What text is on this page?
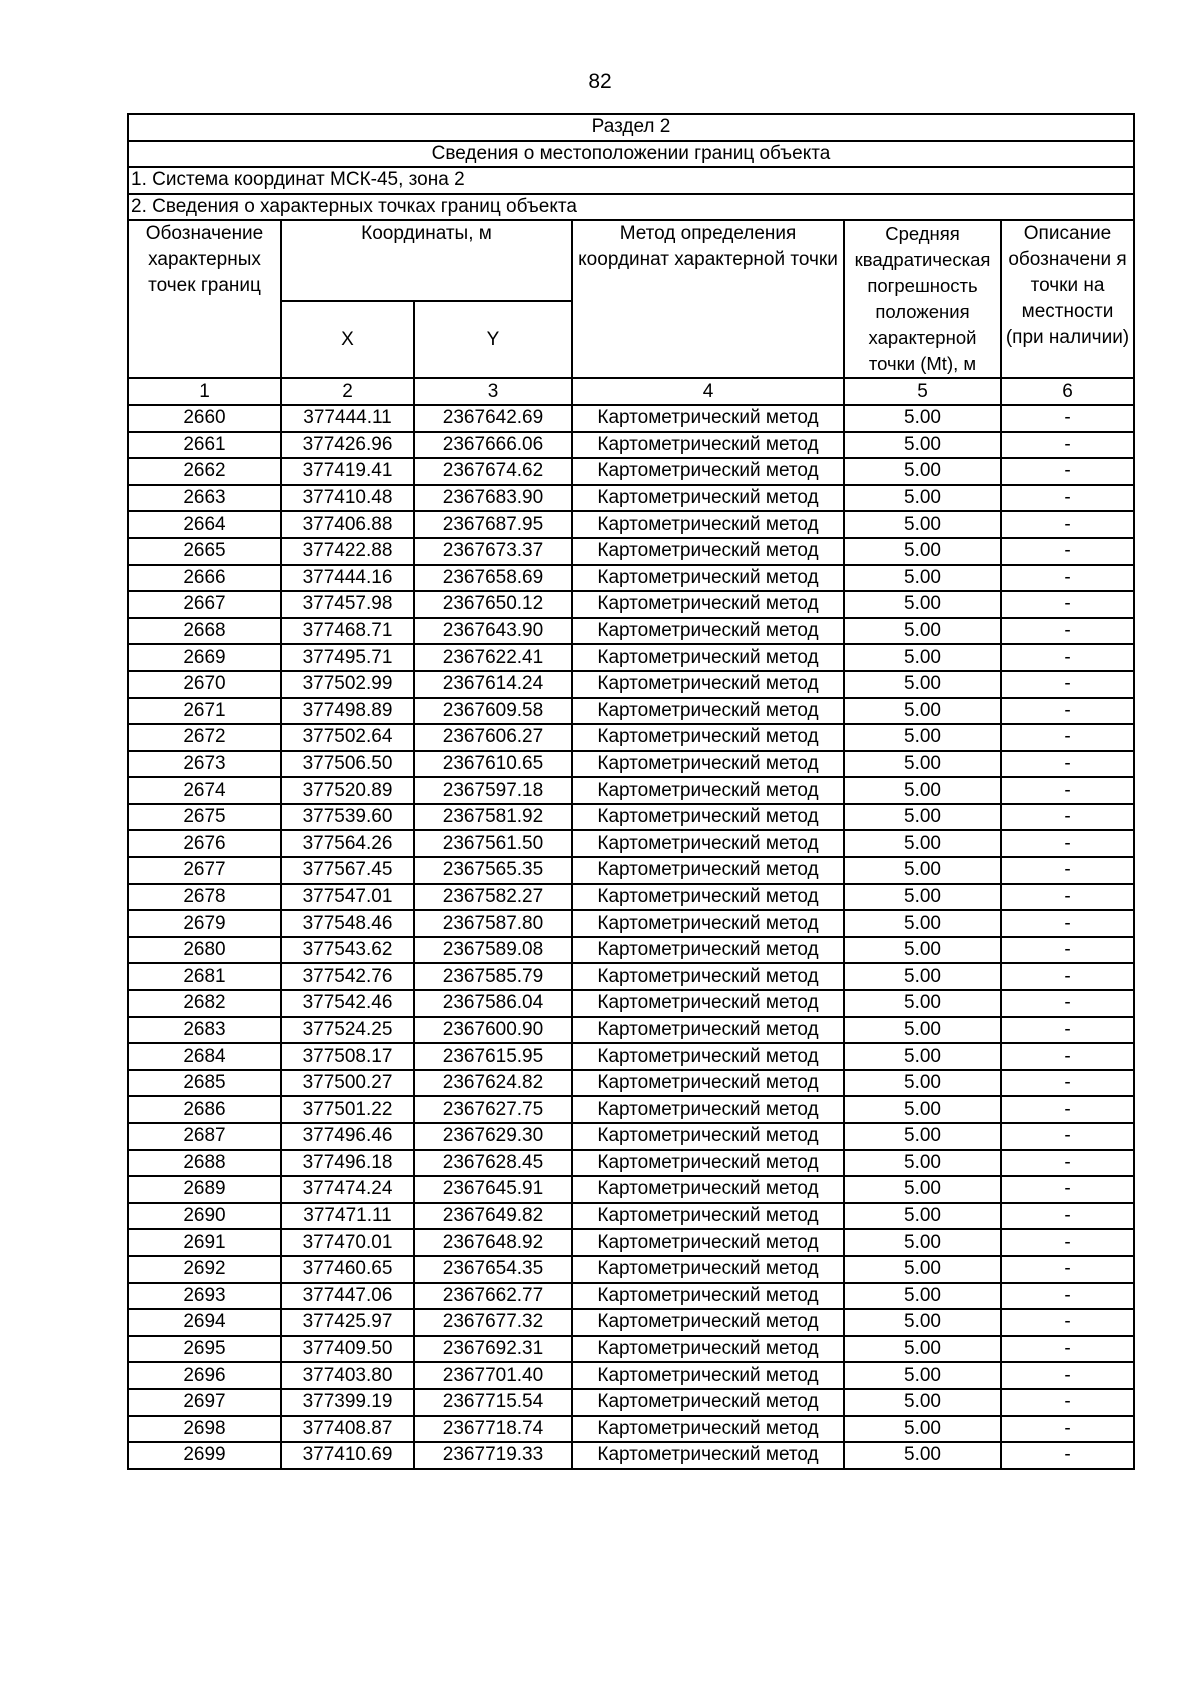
82
Раздел 2					
Сведения о местоположении границ объекта					
1. Система координат МСК-45, зона 2					
2. Сведения о характерных точках границ объекта					
Обозначение характерных точек границ	Координаты, м		Метод определения координат характерной точки	Средняя квадратическая погрешность положения характерной точки (Mt), м	Описание обозначени я точки на местности (при наличии)
	X	Y			
1	2	3	4	5	6
2660	377444.11	2367642.69	Картометрический метод	5.00	-
2661	377426.96	2367666.06	Картометрический метод	5.00	-
2662	377419.41	2367674.62	Картометрический метод	5.00	-
2663	377410.48	2367683.90	Картометрический метод	5.00	-
2664	377406.88	2367687.95	Картометрический метод	5.00	-
2665	377422.88	2367673.37	Картометрический метод	5.00	-
2666	377444.16	2367658.69	Картометрический метод	5.00	-
2667	377457.98	2367650.12	Картометрический метод	5.00	-
2668	377468.71	2367643.90	Картометрический метод	5.00	-
2669	377495.71	2367622.41	Картометрический метод	5.00	-
2670	377502.99	2367614.24	Картометрический метод	5.00	-
2671	377498.89	2367609.58	Картометрический метод	5.00	-
2672	377502.64	2367606.27	Картометрический метод	5.00	-
2673	377506.50	2367610.65	Картометрический метод	5.00	-
2674	377520.89	2367597.18	Картометрический метод	5.00	-
2675	377539.60	2367581.92	Картометрический метод	5.00	-
2676	377564.26	2367561.50	Картометрический метод	5.00	-
2677	377567.45	2367565.35	Картометрический метод	5.00	-
2678	377547.01	2367582.27	Картометрический метод	5.00	-
2679	377548.46	2367587.80	Картометрический метод	5.00	-
2680	377543.62	2367589.08	Картометрический метод	5.00	-
2681	377542.76	2367585.79	Картометрический метод	5.00	-
2682	377542.46	2367586.04	Картометрический метод	5.00	-
2683	377524.25	2367600.90	Картометрический метод	5.00	-
2684	377508.17	2367615.95	Картометрический метод	5.00	-
2685	377500.27	2367624.82	Картометрический метод	5.00	-
2686	377501.22	2367627.75	Картометрический метод	5.00	-
2687	377496.46	2367629.30	Картометрический метод	5.00	-
2688	377496.18	2367628.45	Картометрический метод	5.00	-
2689	377474.24	2367645.91	Картометрический метод	5.00	-
2690	377471.11	2367649.82	Картометрический метод	5.00	-
2691	377470.01	2367648.92	Картометрический метод	5.00	-
2692	377460.65	2367654.35	Картометрический метод	5.00	-
2693	377447.06	2367662.77	Картометрический метод	5.00	-
2694	377425.97	2367677.32	Картометрический метод	5.00	-
2695	377409.50	2367692.31	Картометрический метод	5.00	-
2696	377403.80	2367701.40	Картометрический метод	5.00	-
2697	377399.19	2367715.54	Картометрический метод	5.00	-
2698	377408.87	2367718.74	Картометрический метод	5.00	-
2699	377410.69	2367719.33	Картометрический метод	5.00	-
